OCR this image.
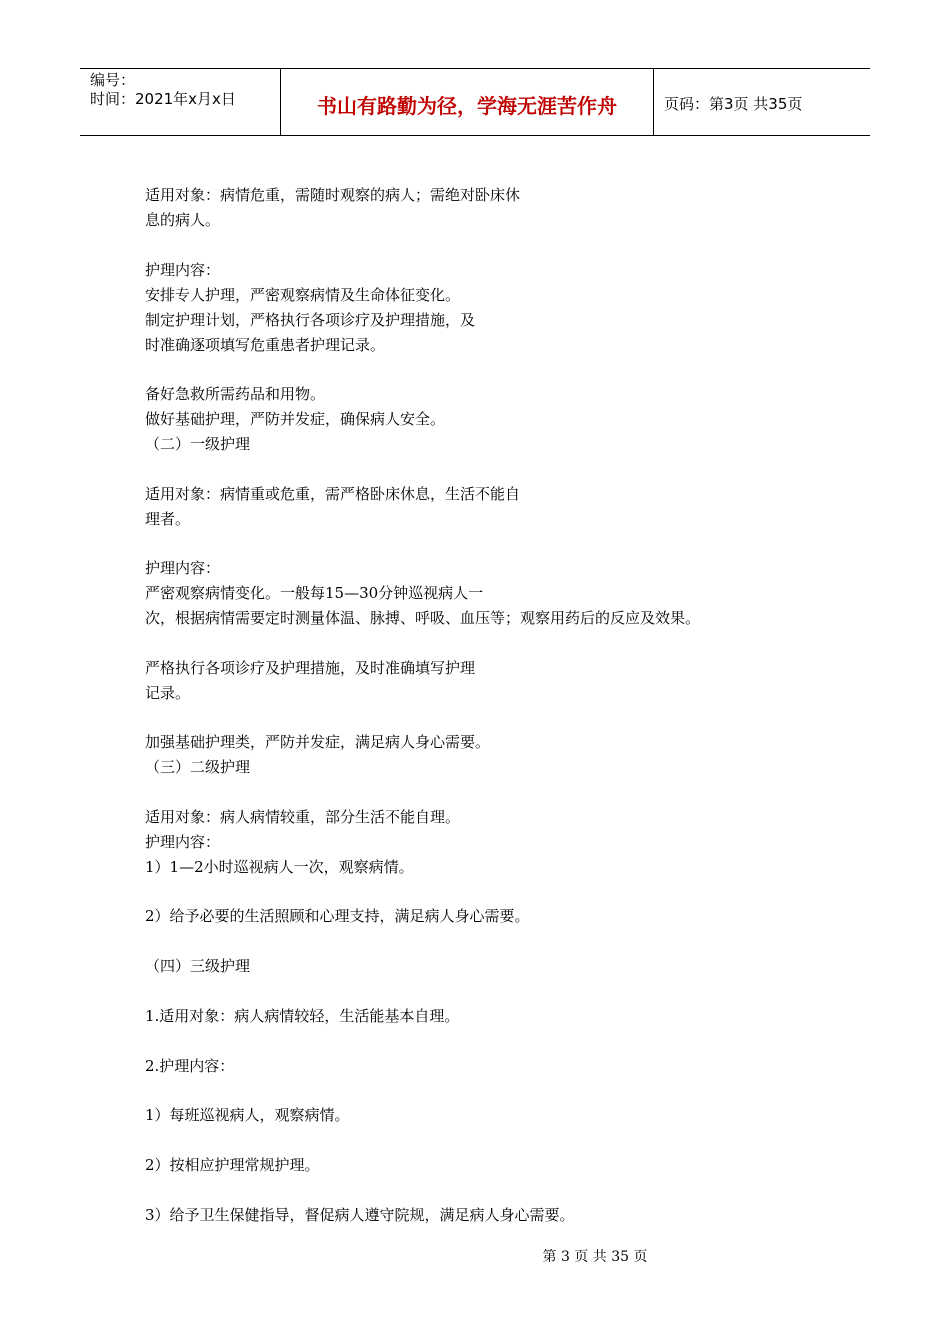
编号：
时间：2021年x月x日	书山有路勤为径，学海无涯苦作舟	页码：第3页 共35页
适用对象：病情危重，需随时观察的病人；需绝对卧床休
息的病人。
护理内容：
安排专人护理，严密观察病情及生命体征变化。
制定护理计划，严格执行各项诊疗及护理措施，及
时准确逐项填写危重患者护理记录。
备好急救所需药品和用物。
做好基础护理，严防并发症，确保病人安全。
（二）一级护理
适用对象：病情重或危重，需严格卧床休息，生活不能自
理者。
护理内容：
严密观察病情变化。一般每15—30分钟巡视病人一
次，根据病情需要定时测量体温、脉搏、呼吸、血压等；观察用药后的反应及效果。
严格执行各项诊疗及护理措施，及时准确填写护理
记录。
加强基础护理类，严防并发症，满足病人身心需要。
（三）二级护理
适用对象：病人病情较重，部分生活不能自理。
护理内容：
1）1—2小时巡视病人一次，观察病情。
2）给予必要的生活照顾和心理支持，满足病人身心需要。
（四）三级护理
1.适用对象：病人病情较轻，生活能基本自理。
2.护理内容：
1）每班巡视病人，观察病情。
2）按相应护理常规护理。
3）给予卫生保健指导，督促病人遵守院规，满足病人身心需要。
第 3 页 共 35 页
